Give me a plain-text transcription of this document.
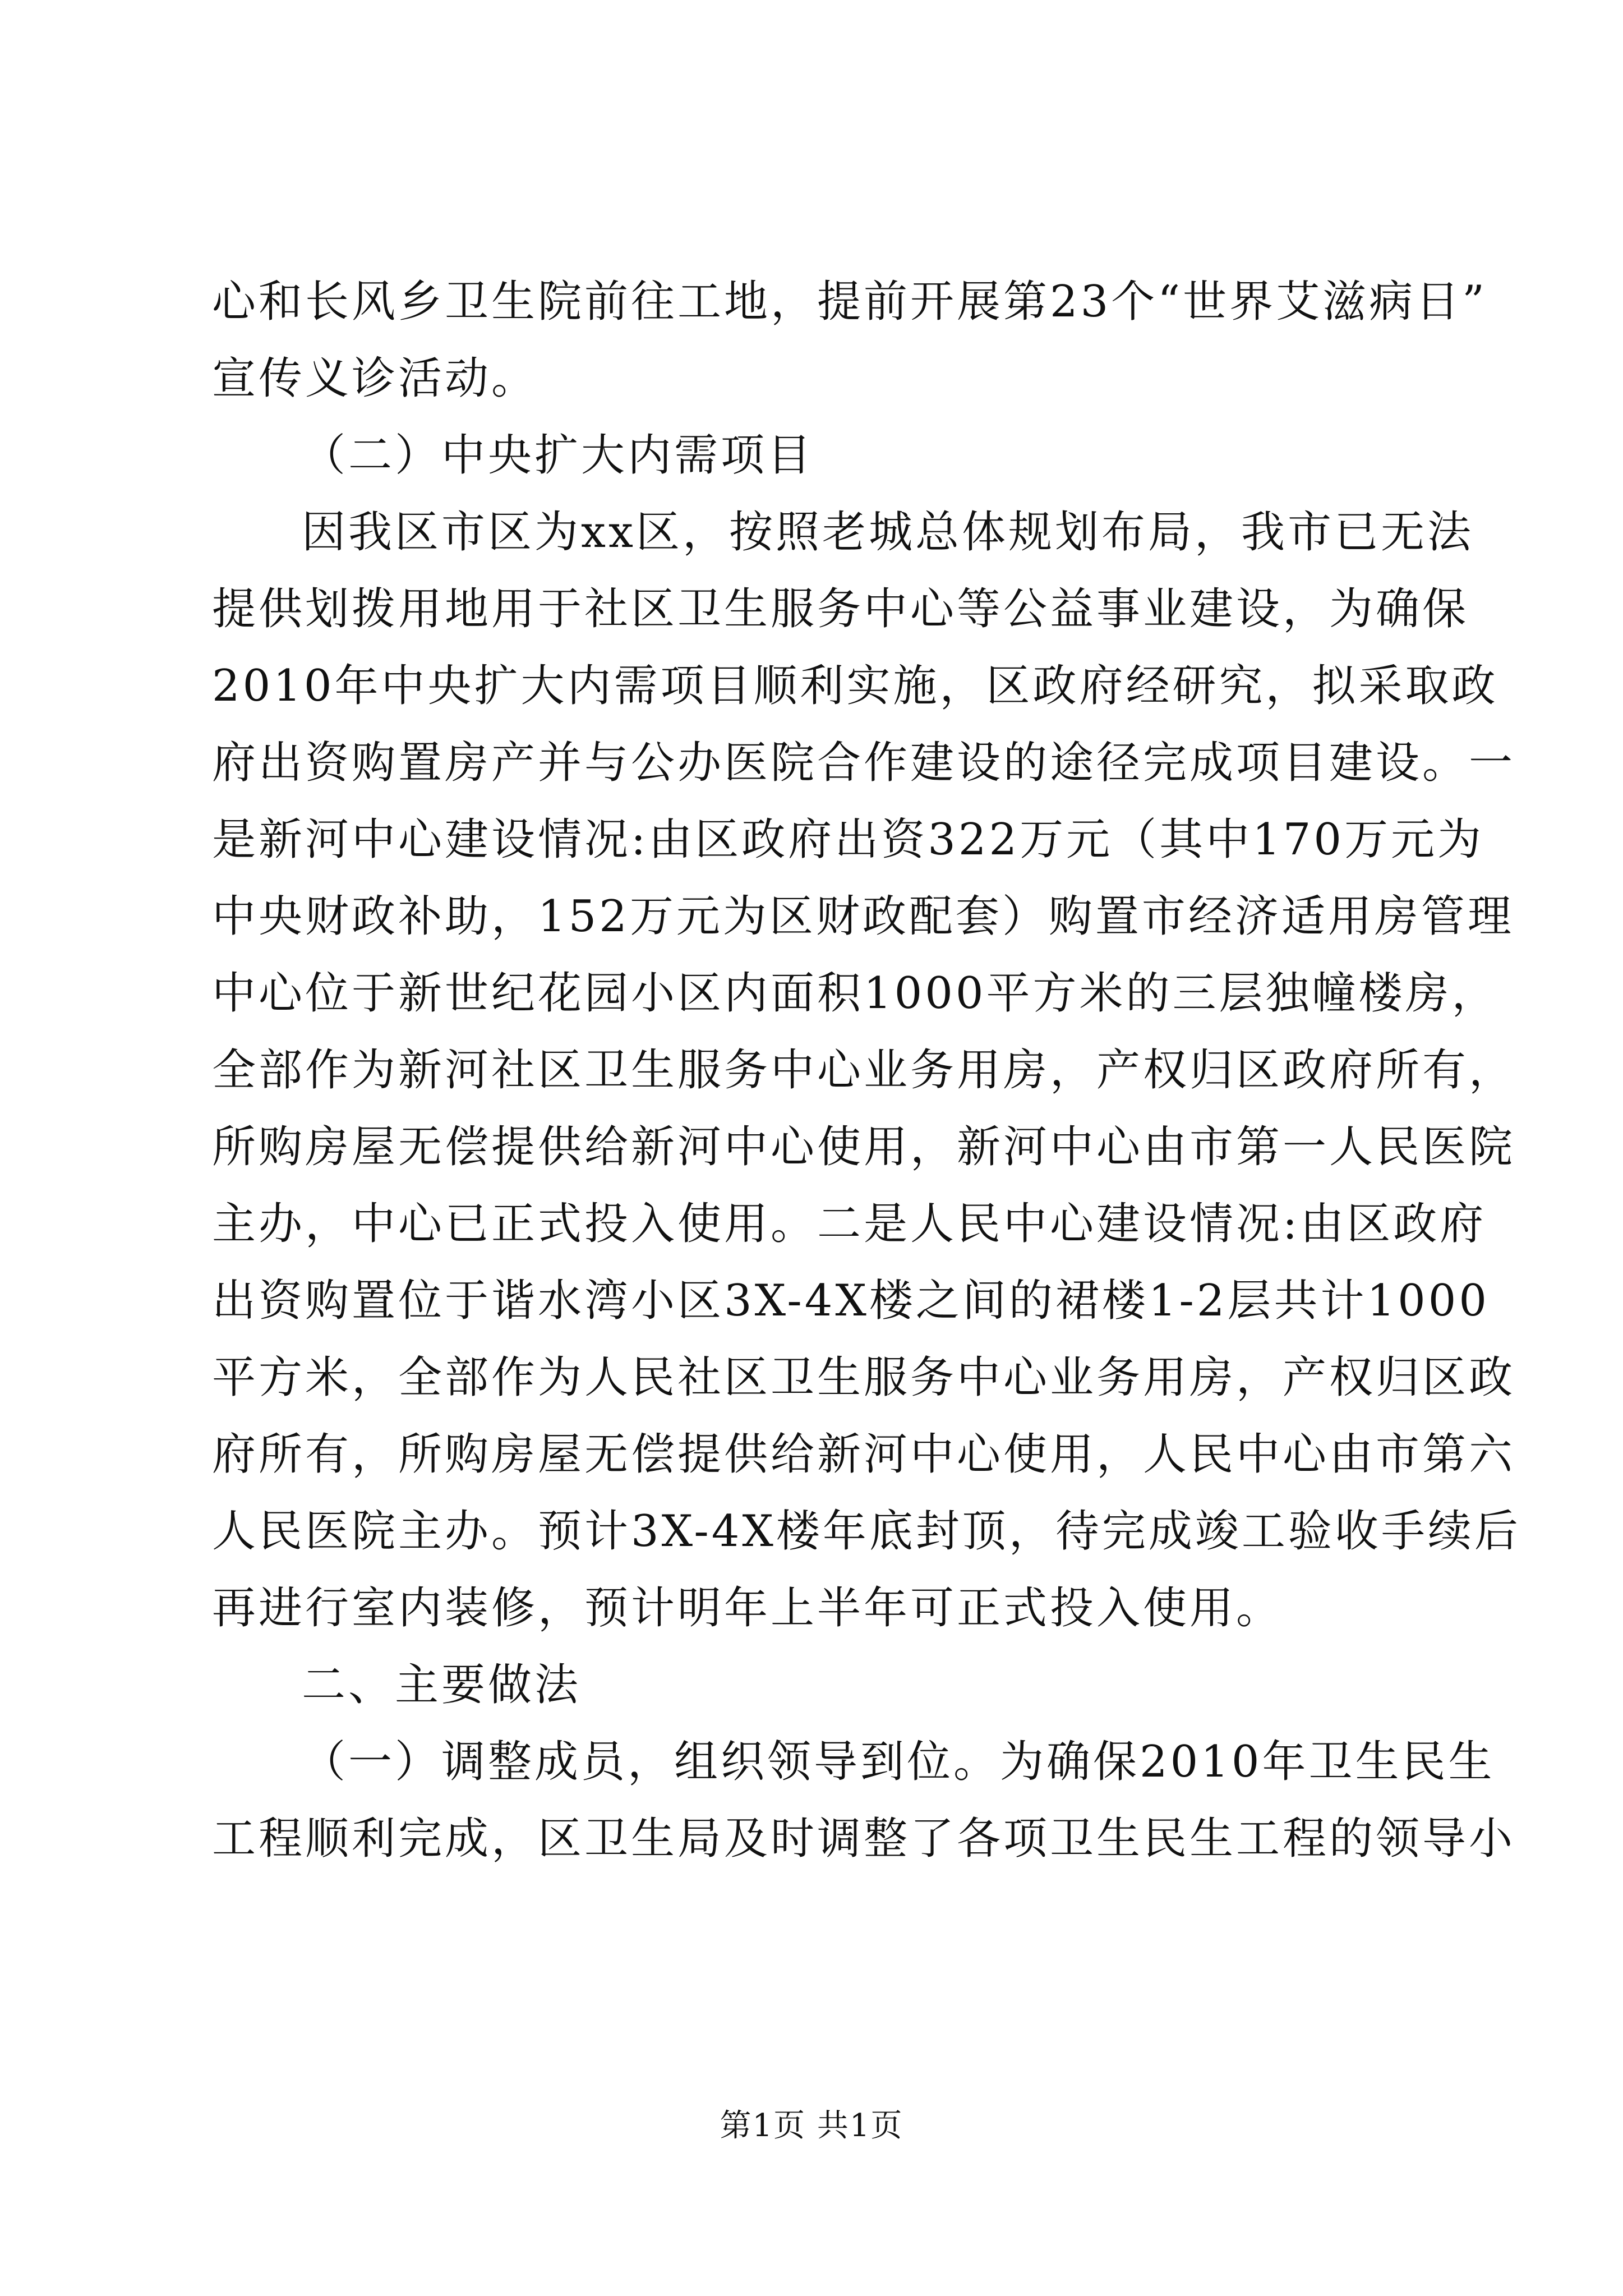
心和长风乡卫生院前往工地，提前开展第23个“世界艾滋病日”
宣传义诊活动。
（二）中央扩大内需项目
因我区市区为xx区，按照老城总体规划布局，我市已无法
提供划拨用地用于社区卫生服务中心等公益事业建设，为确保
2010年中央扩大内需项目顺利实施，区政府经研究，拟采取政
府出资购置房产并与公办医院合作建设的途径完成项目建设。一
是新河中心建设情况:由区政府出资322万元（其中170万元为
中央财政补助，152万元为区财政配套）购置市经济适用房管理
中心位于新世纪花园小区内面积1000平方米的三层独幢楼房，
全部作为新河社区卫生服务中心业务用房，产权归区政府所有，
所购房屋无偿提供给新河中心使用，新河中心由市第一人民医院
主办，中心已正式投入使用。二是人民中心建设情况:由区政府
出资购置位于谐水湾小区3X-4X楼之间的裙楼1-2层共计1000
平方米，全部作为人民社区卫生服务中心业务用房，产权归区政
府所有，所购房屋无偿提供给新河中心使用，人民中心由市第六
人民医院主办。预计3X-4X楼年底封顶，待完成竣工验收手续后
再进行室内装修，预计明年上半年可正式投入使用。
二、主要做法
（一）调整成员，组织领导到位。为确保2010年卫生民生
工程顺利完成，区卫生局及时调整了各项卫生民生工程的领导小
第1页 共1页
